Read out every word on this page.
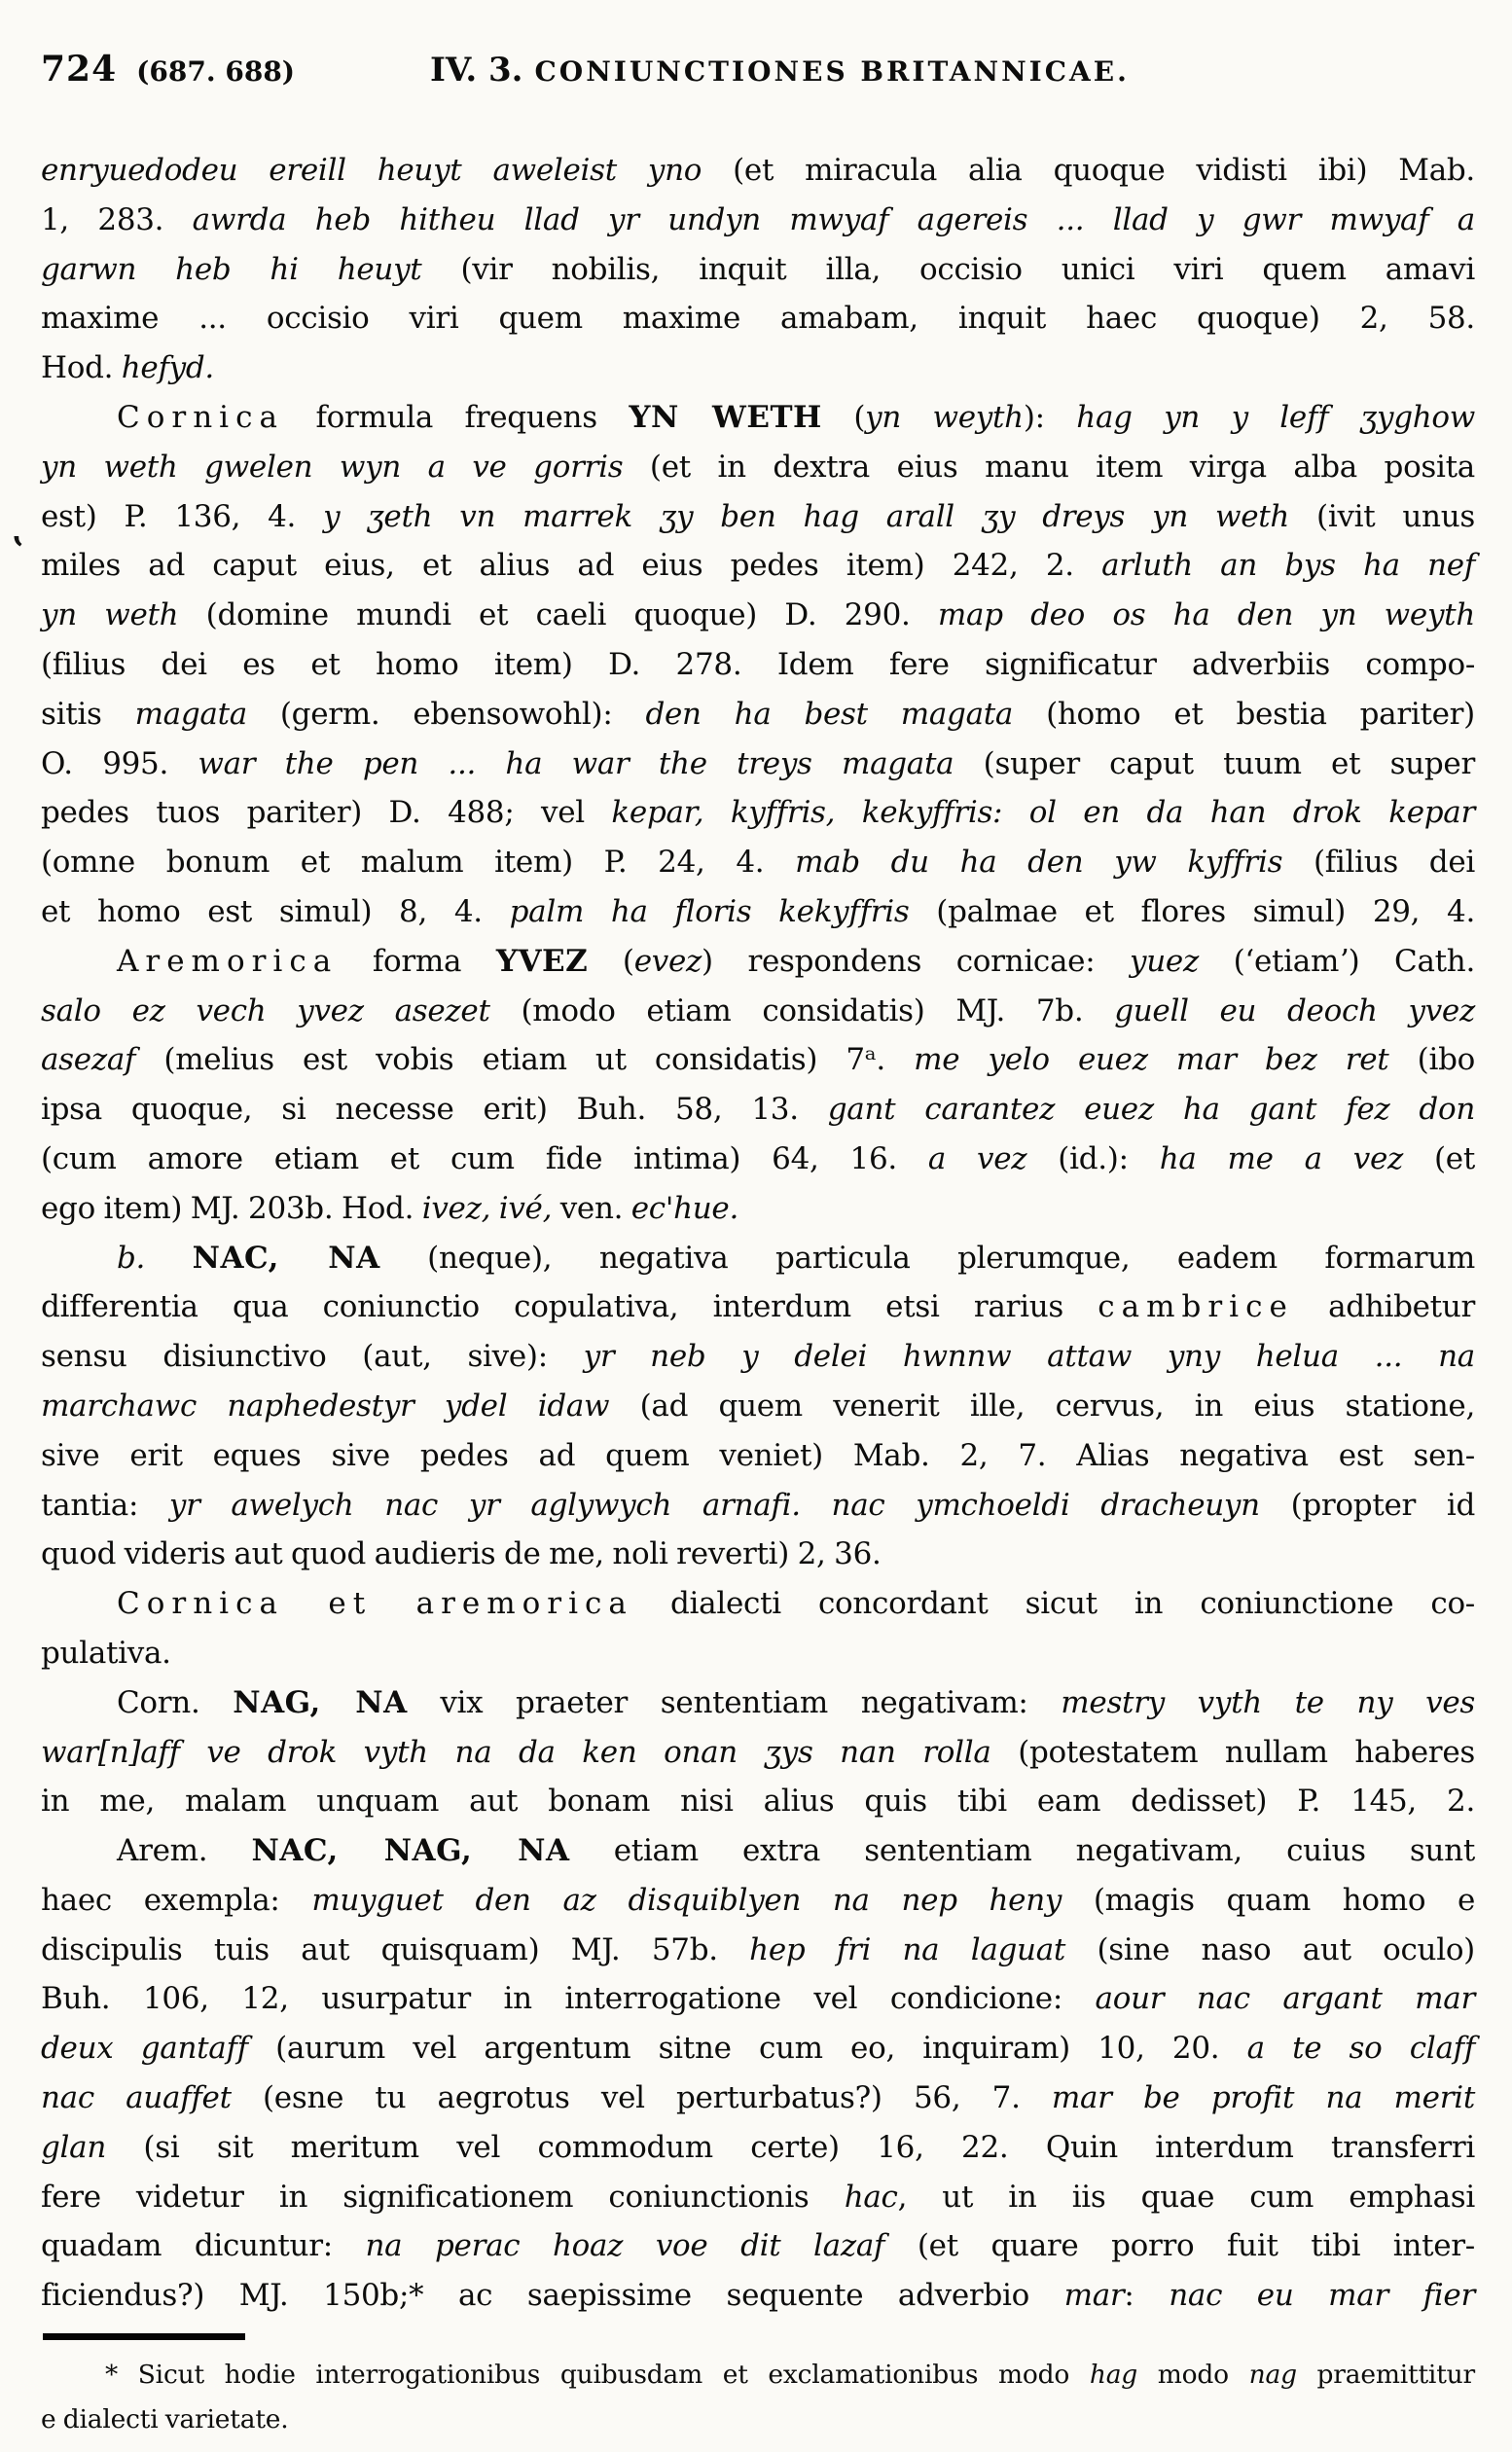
724 (687. 688)	IV. 3. CONIUNCTIONES BRITANNICAE.
enryuedodeu ereill heuyt aweleist yno (et miracula alia quoque vidisti ibi) Mab.
1, 283. awrda heb hitheu llad yr undyn mwyaf agereis ... llad y gwr mwyaf a
garwn heb hi heuyt (vir nobilis, inquit illa, occisio unici viri quem amavi
maxime ... occisio viri quem maxime amabam, inquit haec quoque) 2, 58.
Hod. hefyd.
Cornica formula frequens YN WETH (yn weyth): hag yn y leff ʒyghow
yn weth gwelen wyn a ve gorris (et in dextra eius manu item virga alba posita
est) P. 136, 4. y ʒeth vn marrek ʒy ben hag arall ʒy dreys yn weth (ivit unus
miles ad caput eius, et alius ad eius pedes item) 242, 2. arluth an bys ha nef
yn weth (domine mundi et caeli quoque) D. 290. map deo os ha den yn weyth
(filius dei es et homo item) D. 278. Idem fere significatur adverbiis compo-
sitis magata (germ. ebensowohl): den ha best magata (homo et bestia pariter)
O. 995. war the pen ... ha war the treys magata (super caput tuum et super
pedes tuos pariter) D. 488; vel kepar, kyffris, kekyffris: ol en da han drok kepar
(omne bonum et malum item) P. 24, 4. mab du ha den yw kyffris (filius dei
et homo est simul) 8, 4. palm ha floris kekyffris (palmae et flores simul) 29, 4.
Aremorica forma YVEZ (evez) respondens cornicae: yuez (ʻetiamʼ) Cath.
salo ez vech yvez asezet (modo etiam considatis) MJ. 7b. guell eu deoch yvez
asezaf (melius est vobis etiam ut considatis) 7ᵃ. me yelo euez mar bez ret (ibo
ipsa quoque, si necesse erit) Buh. 58, 13. gant carantez euez ha gant fez don
(cum amore etiam et cum fide intima) 64, 16. a vez (id.): ha me a vez (et
ego item) MJ. 203b. Hod. ivez, ivé, ven. ec'hue.
b. NAC, NA (neque), negativa particula plerumque, eadem formarum
differentia qua coniunctio copulativa, interdum etsi rarius cambrice adhibetur
sensu disiunctivo (aut, sive): yr neb y delei hwnnw attaw yny helua ... na
marchawc naphedestyr ydel idaw (ad quem venerit ille, cervus, in eius statione,
sive erit eques sive pedes ad quem veniet) Mab. 2, 7. Alias negativa est sen-
tantia: yr awelych nac yr aglywych arnafi. nac ymchoeldi dracheuyn (propter id
quod videris aut quod audieris de me, noli reverti) 2, 36.
Cornica et aremorica dialecti concordant sicut in coniunctione co-
pulativa.
Corn. NAG, NA vix praeter sententiam negativam: mestry vyth te ny ves
war[n]aff ve drok vyth na da ken onan ʒys nan rolla (potestatem nullam haberes
in me, malam unquam aut bonam nisi alius quis tibi eam dedisset) P. 145, 2.
Arem. NAC, NAG, NA etiam extra sententiam negativam, cuius sunt
haec exempla: muyguet den az disquiblyen na nep heny (magis quam homo e
discipulis tuis aut quisquam) MJ. 57b. hep fri na laguat (sine naso aut oculo)
Buh. 106, 12, usurpatur in interrogatione vel condicione: aour nac argant mar
deux gantaff (aurum vel argentum sitne cum eo, inquiram) 10, 20. a te so claff
nac auaffet (esne tu aegrotus vel perturbatus?) 56, 7. mar be profit na merit
glan (si sit meritum vel commodum certe) 16, 22. Quin interdum transferri
fere videtur in significationem coniunctionis hac, ut in iis quae cum emphasi
quadam dicuntur: na perac hoaz voe dit lazaf (et quare porro fuit tibi inter-
ficiendus?) MJ. 150b;* ac saepissime sequente adverbio mar: nac eu mar fier
ʽ
* Sicut hodie interrogationibus quibusdam et exclamationibus modo hag modo nag praemittitur
e dialecti varietate.
